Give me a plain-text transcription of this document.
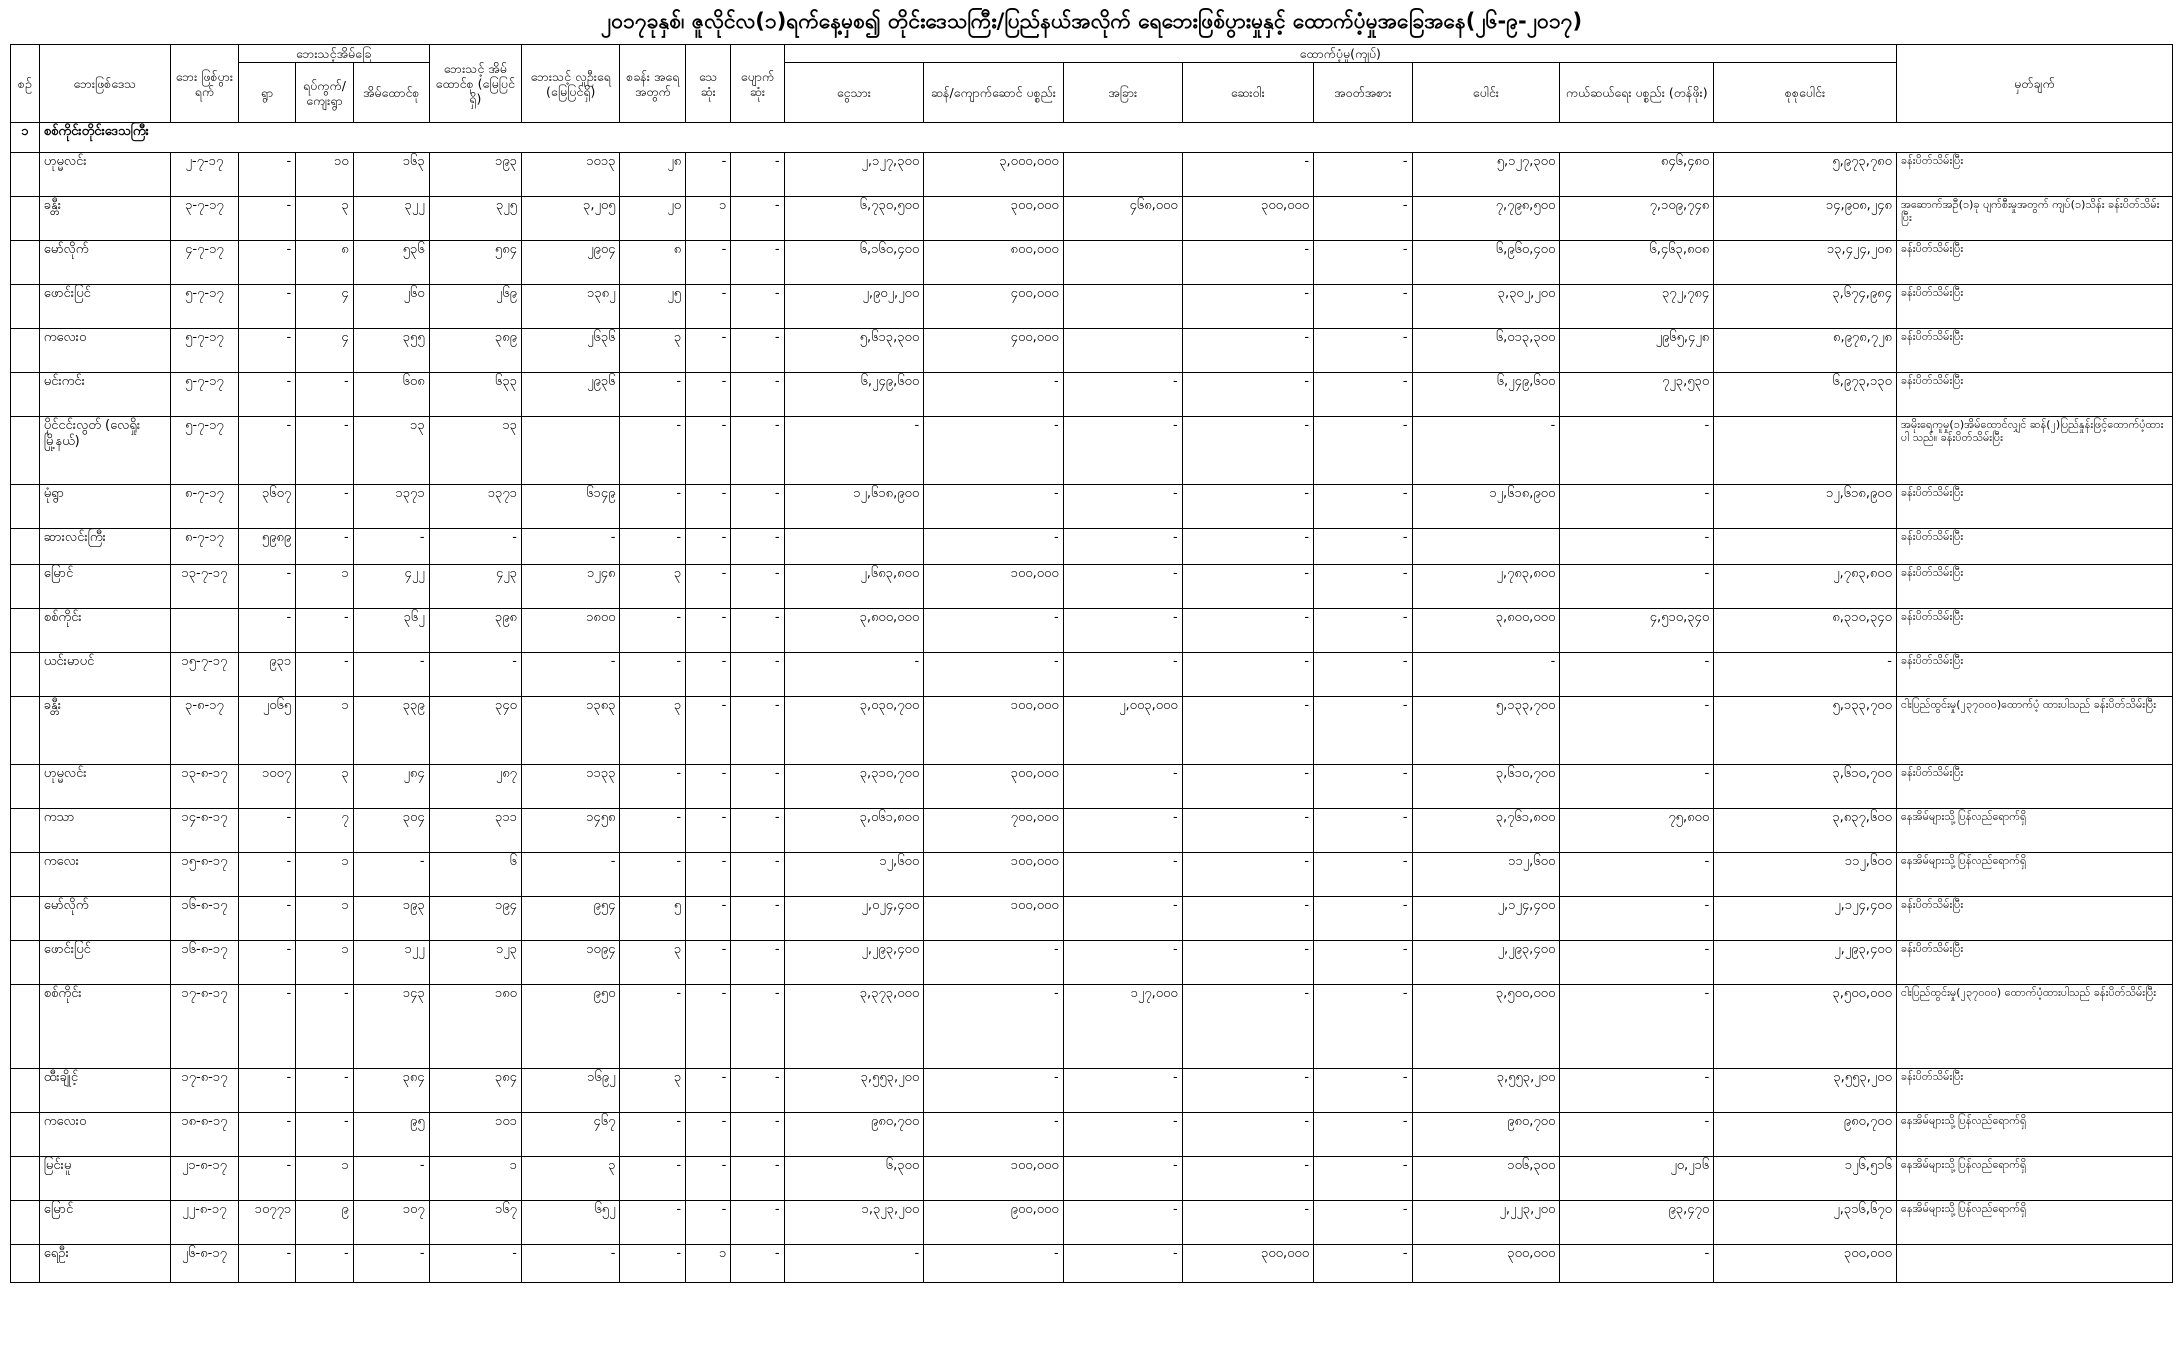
၂၀၁၇ခုနှစ်၊ ဇူလိုင်လ(၁)ရက်နေ့မှစ၍ တိုင်းဒေသကြီး/ပြည်နယ်အလိုက် ရေဘေးဖြစ်ပွားမှုနှင့် ထောက်ပံ့မှုအခြေအနေ(၂၆-၉-၂၀၁၇)
စဉ်	ဘေးဖြစ်ဒေသ	ဘေး ဖြစ်ပွား ရက်	ဘေးသင့်အိမ်ခြေ			ဘေးသင့် အိမ် ထောင်စု (မြေပြင်ရှိ)	ဘေးသင့် လူဦးရေ (မြေပြင်ရှိ)	စခန်း အရေ အတွက်	သေ ဆုံး	ပျောက် ဆုံး	ထောက်ပံ့မှု(ကျပ်)								မှတ်ချက်
			ရွာ	ရပ်ကွက်/ကျေးရွာ	အိမ်ထောင်စု						ငွေသား	ဆန်/ကျောက်ဆောင် ပစ္စည်း	အခြား	ဆေးဝါး	အဝတ်အစား	ပေါင်း	ကယ်ဆယ်ရေး ပစ္စည်း (တန်ဖိုး)	စုစုပေါင်း	
၁	စစ်ကိုင်းတိုင်းဒေသကြီး																		
	ဟုမ္မလင်း	၂-၇-၁၇	-	၁၀	၁၆၃	၁၉၃	၁၀၁၃	၂၈	-	-	၂,၁၂၇,၃၀၀	၃,၀၀၀,၀၀၀		-	-	၅,၁၂၇,၃၀၀	၈၄၆,၄၈၀	၅,၉၇၃,၇၈၀	ခန်းပိတ်သိမ်းပြီး
	ခန္တီး	၃-၇-၁၇	-	၃	၃၂၂	၃၂၅	၃,၂၀၅	၂၀	၁	-	၆,၇၃၀,၅၀၀	၃၀၀,၀၀၀	၄၆၈,၀၀၀	၃၀၀,၀၀၀	-	၇,၇၉၈,၅၀၀	၇,၁၀၉,၇၄၈	၁၄,၉၀၈,၂၄၈	အဆောက်အဦ(၁)ခု ပျက်စီးမှုအတွက် ကျပ်(၁)သိန်း ခန်းပိတ်သိမ်းပြီး
	မော်လိုက်	၄-၇-၁၇	-	၈	၅၃၆	၅၈၄	၂၉၀၄	၈	-	-	၆,၁၆၀,၄၀၀	၈၀၀,၀၀၀		-	-	၆,၉၆၀,၄၀၀	၆,၄၆၃,၈၀၈	၁၃,၄၂၄,၂၀၈	ခန်းပိတ်သိမ်းပြီး
	ဖောင်းပြင်	၅-၇-၁၇	-	၄	၂၆၀	၂၆၉	၁၃၈၂	၂၅	-	-	၂,၉၀၂,၂၀၀	၄၀၀,၀၀၀		-	-	၃,၃၀၂,၂၀၀	၃၇၂,၇၈၄	၃,၆၇၄,၉၈၄	ခန်းပိတ်သိမ်းပြီး
	ကလေးဝ	၅-၇-၁၇	-	၄	၃၅၅	၃၈၉	၂၆၃၆	၃	-	-	၅,၆၁၃,၃၀၀	၄၀၀,၀၀၀		-	-	၆,၀၁၃,၃၀၀	၂၉၆၅,၄၂၈	၈,၉၇၈,၇၂၈	ခန်းပိတ်သိမ်းပြီး
	မင်းကင်း	၅-၇-၁၇	-	-	၆၀၈	၆၃၃	၂၉၃၆	-	-	-	၆,၂၄၉,၆၀၀	-	-	-	-	၆,၂၄၉,၆၀၀	၇၂၃,၅၃၀	၆,၉၇၃,၁၃၀	ခန်းပိတ်သိမ်းပြီး
	ပိုင်ငင်းလွတ် (လေရှိုးမြို့နယ်)	၅-၇-၁၇	-	-	၁၃	၁၃		-	-	-	-	-	-	-	-	-	-		အမိုးရေကူမှု(၁)အိမ်ထောင်လျှင် ဆန်(၂)ပြည်နှုန်းဖြင့်ထောက်ပံ့ထားပါ သည်။ ခန်းပိတ်သိမ်းပြီး
	မုံရွာ	၈-၇-၁၇	၃၆၀၇	-	၁၃၇၁	၁၃၇၁	၆၁၄၉	-	-	-	၁၂,၆၁၈,၉၀၀	-	-	-	-	၁၂,၆၁၈,၉၀၀	-	၁၂,၆၁၈,၉၀၀	ခန်းပိတ်သိမ်းပြီး
	ဆားလင်းကြီး	၈-၇-၁၇	၅၉၈၉	-	-	-	-	-	-	-		-	-	-	-		-		ခန်းပိတ်သိမ်းပြီး
	မြောင်	၁၃-၇-၁၇	-	၁	၄၂၂	၄၂၃	၁၂၄၈	၃	-	-	၂,၆၈၃,၈၀၀	၁၀၀,၀၀၀	-	-	-	၂,၇၈၃,၈၀၀	-	၂,၇၈၃,၈၀၀	ခန်းပိတ်သိမ်းပြီး
	စစ်ကိုင်း		-	-	၃၆၂	၃၉၈	၁၈၀၀	-	-	-	၃,၈၀၀,၀၀၀	-	-	-	-	၃,၈၀၀,၀၀၀	၄,၅၁၀,၃၄၀	၈,၃၁၀,၃၄၀	ခန်းပိတ်သိမ်းပြီး
	ယင်းမာပင်	၁၅-၇-၁၇	၉၃၁	-	-	-	-	-	-	-	-	-	-	-	-	-	-	-	ခန်းပိတ်သိမ်းပြီး
	ခန္တီး	၃-၈-၁၇	၂၀၆၅	၁	၃၃၉	၃၄၀	၁၃၈၃	၃	-	-	၃,၀၃၀,၇၀၀	၁၀၀,၀၀၀	၂,၀၀၃,၀၀၀	-	-	၅,၁၃၃,၇၀၀	-	၅,၁၃၃,၇၀၀	ငါးပြည်ထွင်းမှု(၂၃၇၀၀၀)ထောက်ပံ့ ထားပါသည် ခန်းပိတ်သိမ်းပြီး
	ဟုမ္မလင်း	၁၃-၈-၁၇	၁၀၀၇	၃	၂၈၄	၂၈၇	၁၁၃၃	-	-	-	၃,၃၁၀,၇၀၀	၃၀၀,၀၀၀	-	-	-	၃,၆၁၀,၇၀၀	-	၃,၆၁၀,၇၀၀	ခန်းပိတ်သိမ်းပြီး
	ကသာ	၁၄-၈-၁၇	-	၇	၃၀၄	၃၁၁	၁၄၅၈	-	-	-	၃,၀၆၁,၈၀၀	၇၀၀,၀၀၀	-	-	-	၃,၇၆၁,၈၀၀	၇၅,၈၀၀	၃,၈၃၇,၆၀၀	နေအိမ်များသို့ပြန်လည်ရောက်ရှိ
	ကလေး	၁၅-၈-၁၇	-	၁	-	၆	-	-	-	-	၁၂,၆၀၀	၁၀၀,၀၀၀	-	-	-	၁၁၂,၆၀၀	-	၁၁၂,၆၀၀	နေအိမ်များသို့ပြန်လည်ရောက်ရှိ
	မော်လိုက်	၁၆-၈-၁၇	-	၁	၁၉၃	၁၉၄	၉၅၄	၅	-	-	၂,၀၂၄,၄၀၀	၁၀၀,၀၀၀	-	-	-	၂,၁၂၄,၄၀၀	-	၂,၁၂၄,၄၀၀	ခန်းပိတ်သိမ်းပြီး
	ဖောင်းပြင်	၁၆-၈-၁၇	-	၁	၁၂၂	၁၂၃	၁၀၉၄	၃	-	-	၂,၂၉၃,၄၀၀	-	-	-	-	၂,၂၉၃,၄၀၀	-	၂,၂၉၃,၄၀၀	ခန်းပိတ်သိမ်းပြီး
	စစ်ကိုင်း	၁၇-၈-၁၇	-	-	၁၄၃	၁၈၀	၉၅၀	-	-	-	၃,၃၇၃,၀၀၀	-	၁၂၇,၀၀၀	-	-	၃,၅၀၀,၀၀၀	-	၃,၅၀၀,၀၀၀	ငါးပြည်ထွင်းမှု(၂၃၇၀၀၀) ထောက်ပံ့ထားပါသည် ခန်းပိတ်သိမ်းပြီး
	ထီးချိုင့်	၁၇-၈-၁၇	-	-	၃၈၄	၃၈၄	၁၆၉၂	၃	-	-	၃,၅၅၃,၂၀၀	-	-	-	-	၃,၅၅၃,၂၀၀	-	၃,၅၅၃,၂၀၀	ခန်းပိတ်သိမ်းပြီး
	ကလေးဝ	၁၈-၈-၁၇	-	-	၉၅	၁၀၁	၄၆၇	-	-	-	၉၈၀,၇၀၀	-	-	-	-	၉၈၀,၇၀၀	-	၉၈၀,၇၀၀	နေအိမ်များသို့ပြန်လည်ရောက်ရှိ
	မြင်းမူ	၂၁-၈-၁၇	-	၁	-	၁	၃	-	-	-	၆,၃၀၀	၁၀၀,၀၀၀	-	-	-	၁၀၆,၃၀၀	၂၀,၂၁၆	၁၂၆,၅၁၆	နေအိမ်များသို့ပြန်လည်ရောက်ရှိ
	မြောင်	၂၂-၈-၁၇	၁၀၇၇၁	၉	၁၀၇	၁၆၇	၆၅၂	-	-	-	၁,၃၂၃,၂၀၀	၉၀၀,၀၀၀	-	-	-	၂,၂၂၃,၂၀၀	၉၃,၄၇၀	၂,၃၁၆,၆၇၀	နေအိမ်များသို့ပြန်လည်ရောက်ရှိ
	ရေဦး	၂၆-၈-၁၇	-	-	-	-	-	-	၁	-	-	-	-	၃၀၀,၀၀၀	-	၃၀၀,၀၀၀	-	၃၀၀,၀၀၀	
